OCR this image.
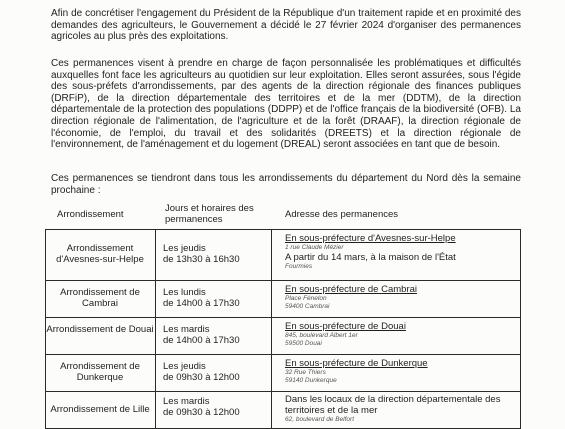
Afin de concrétiser l'engagement du Président de la République d'un traitement rapide et en proximité des demandes des agriculteurs, le Gouvernement a décidé le 27 février 2024 d'organiser des permanences agricoles au plus près des exploitations.

Ces permanences visent à prendre en charge de façon personnalisée les problématiques et difficultés auxquelles font face les agriculteurs au quotidien sur leur exploitation. Elles seront assurées, sous l'égide des sous-préfets d'arrondissements, par des agents de la direction régionale des finances publiques (DRFiP), de la direction départementale des territoires et de la mer (DDTM), de la direction départementale de la protection des populations (DDPP) et de l'office français de la biodiversité (OFB). La direction régionale de l'alimentation, de l'agriculture et de la forêt (DRAAF), la direction régionale de l'économie, de l'emploi, du travail et des solidarités (DREETS) et la direction régionale de l'environnement, de l'aménagement et du logement (DREAL) seront associées en tant que de besoin.

Ces permanences se tiendront dans tous les arrondissements du département du Nord dès la semaine prochaine :

Arrondissement
Jours et horaires des permanences	Adresse des permanences
Arrondissement d'Avesnes-sur-Helpe
Les jeudis
de 13h30 à 16h30
En sous-préfecture d'Avesnes-sur-Helpe
1 rue Claude Mézier
A partir du 14 mars, à la maison de l'État
Fourmies
Arrondissement de Cambrai
Les lundis
de 14h00 à 17h30
En sous-préfecture de Cambrai
Place Fénelon
59400 Cambrai
Arrondissement de Douai Les mardis
de 14h00 à 17h30
En sous-préfecture de Douai
845, boulevard Albert 1er
59500 Douai
Arrondissement de Dunkerque
Les jeudis
de 09h30 à 12h00
En sous-préfecture de Dunkerque
32 Rue Thiers
59140 Dunkerque
Arrondissement de Lille
Les mardis
de 09h30 à 12h00
Dans les locaux de la direction départementale des territoires et de la mer
62, boulevard de Belfort
